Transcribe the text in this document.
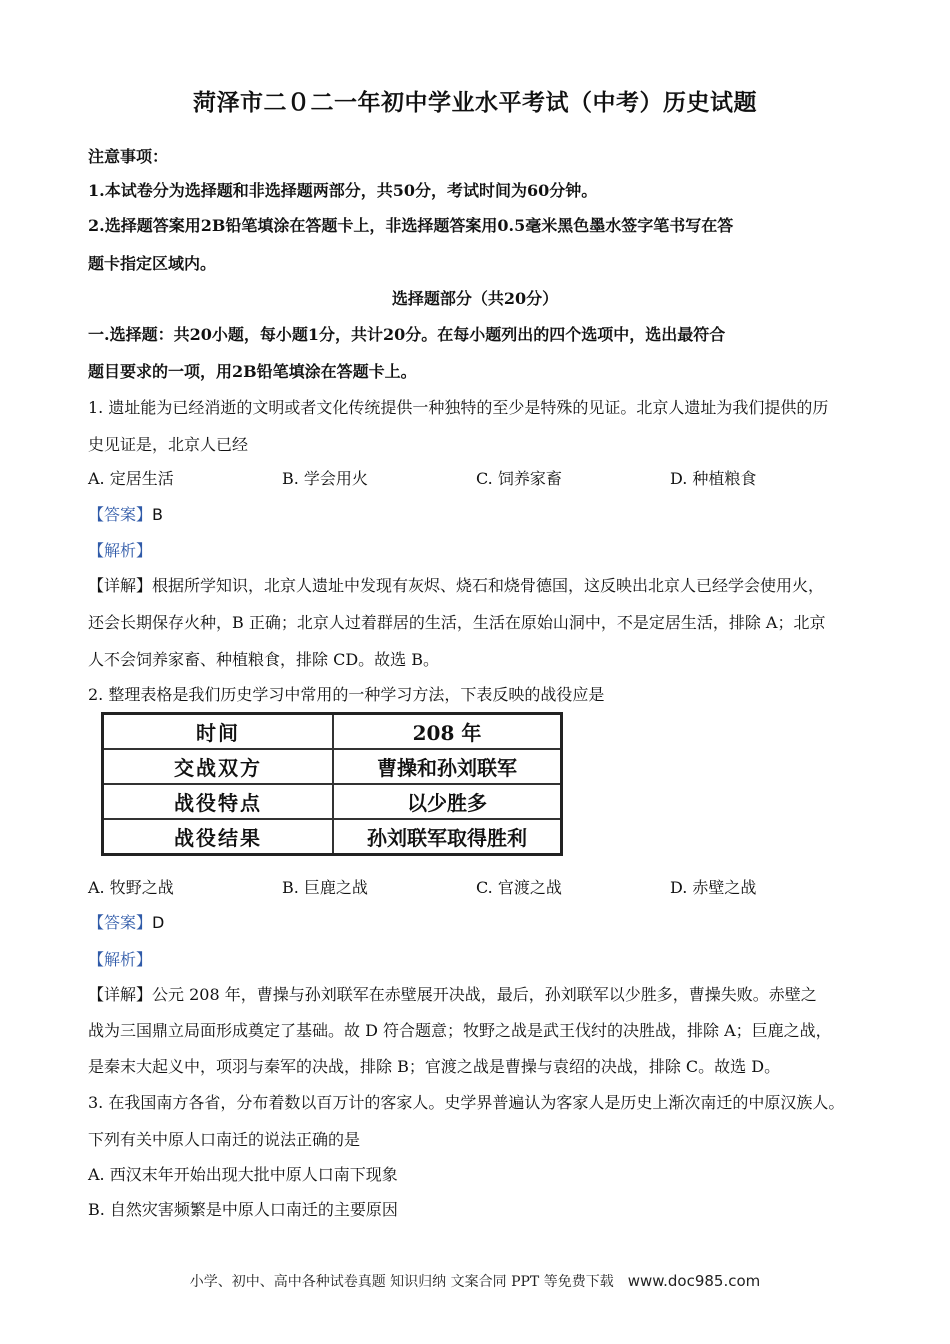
菏泽市二０二一年初中学业水平考试（中考）历史试题
注意事项：
1.本试卷分为选择题和非选择题两部分，共50分，考试时间为60分钟。
2.选择题答案用2B铅笔填涂在答题卡上，非选择题答案用0.5毫米黑色墨水签字笔书写在答
题卡指定区域内。
选择题部分（共20分）
一.选择题：共20小题，每小题1分，共计20分。在每小题列出的四个选项中，选出最符合
题目要求的一项，用2B铅笔填涂在答题卡上。
1. 遗址能为已经消逝的文明或者文化传统提供一种独特的至少是特殊的见证。北京人遗址为我们提供的历
史见证是，北京人已经
A. 定居生活	B. 学会用火	C. 饲养家畜	D. 种植粮食
【答案】B
【解析】
【详解】根据所学知识，北京人遗址中发现有灰烬、烧石和烧骨德国，这反映出北京人已经学会使用火，
还会长期保存火种，B 正确；北京人过着群居的生活，生活在原始山洞中，不是定居生活，排除 A；北京
人不会饲养家畜、种植粮食，排除 CD。故选 B。
2. 整理表格是我们历史学习中常用的一种学习方法，下表反映的战役应是
时间	208 年
交战双方	曹操和孙刘联军
战役特点	以少胜多
战役结果	孙刘联军取得胜利
A. 牧野之战	B. 巨鹿之战	C. 官渡之战	D. 赤壁之战
【答案】D
【解析】
【详解】公元 208 年，曹操与孙刘联军在赤壁展开决战，最后，孙刘联军以少胜多，曹操失败。赤壁之
战为三国鼎立局面形成奠定了基础。故 D 符合题意；牧野之战是武王伐纣的决胜战，排除 A；巨鹿之战，
是秦末大起义中，项羽与秦军的决战，排除 B；官渡之战是曹操与袁绍的决战，排除 C。故选 D。
3. 在我国南方各省，分布着数以百万计的客家人。史学界普遍认为客家人是历史上渐次南迁的中原汉族人。
下列有关中原人口南迁的说法正确的是
A. 西汉末年开始出现大批中原人口南下现象
B. 自然灾害频繁是中原人口南迁的主要原因
小学、初中、高中各种试卷真题 知识归纳 文案合同 PPT 等免费下载 www.doc985.com
